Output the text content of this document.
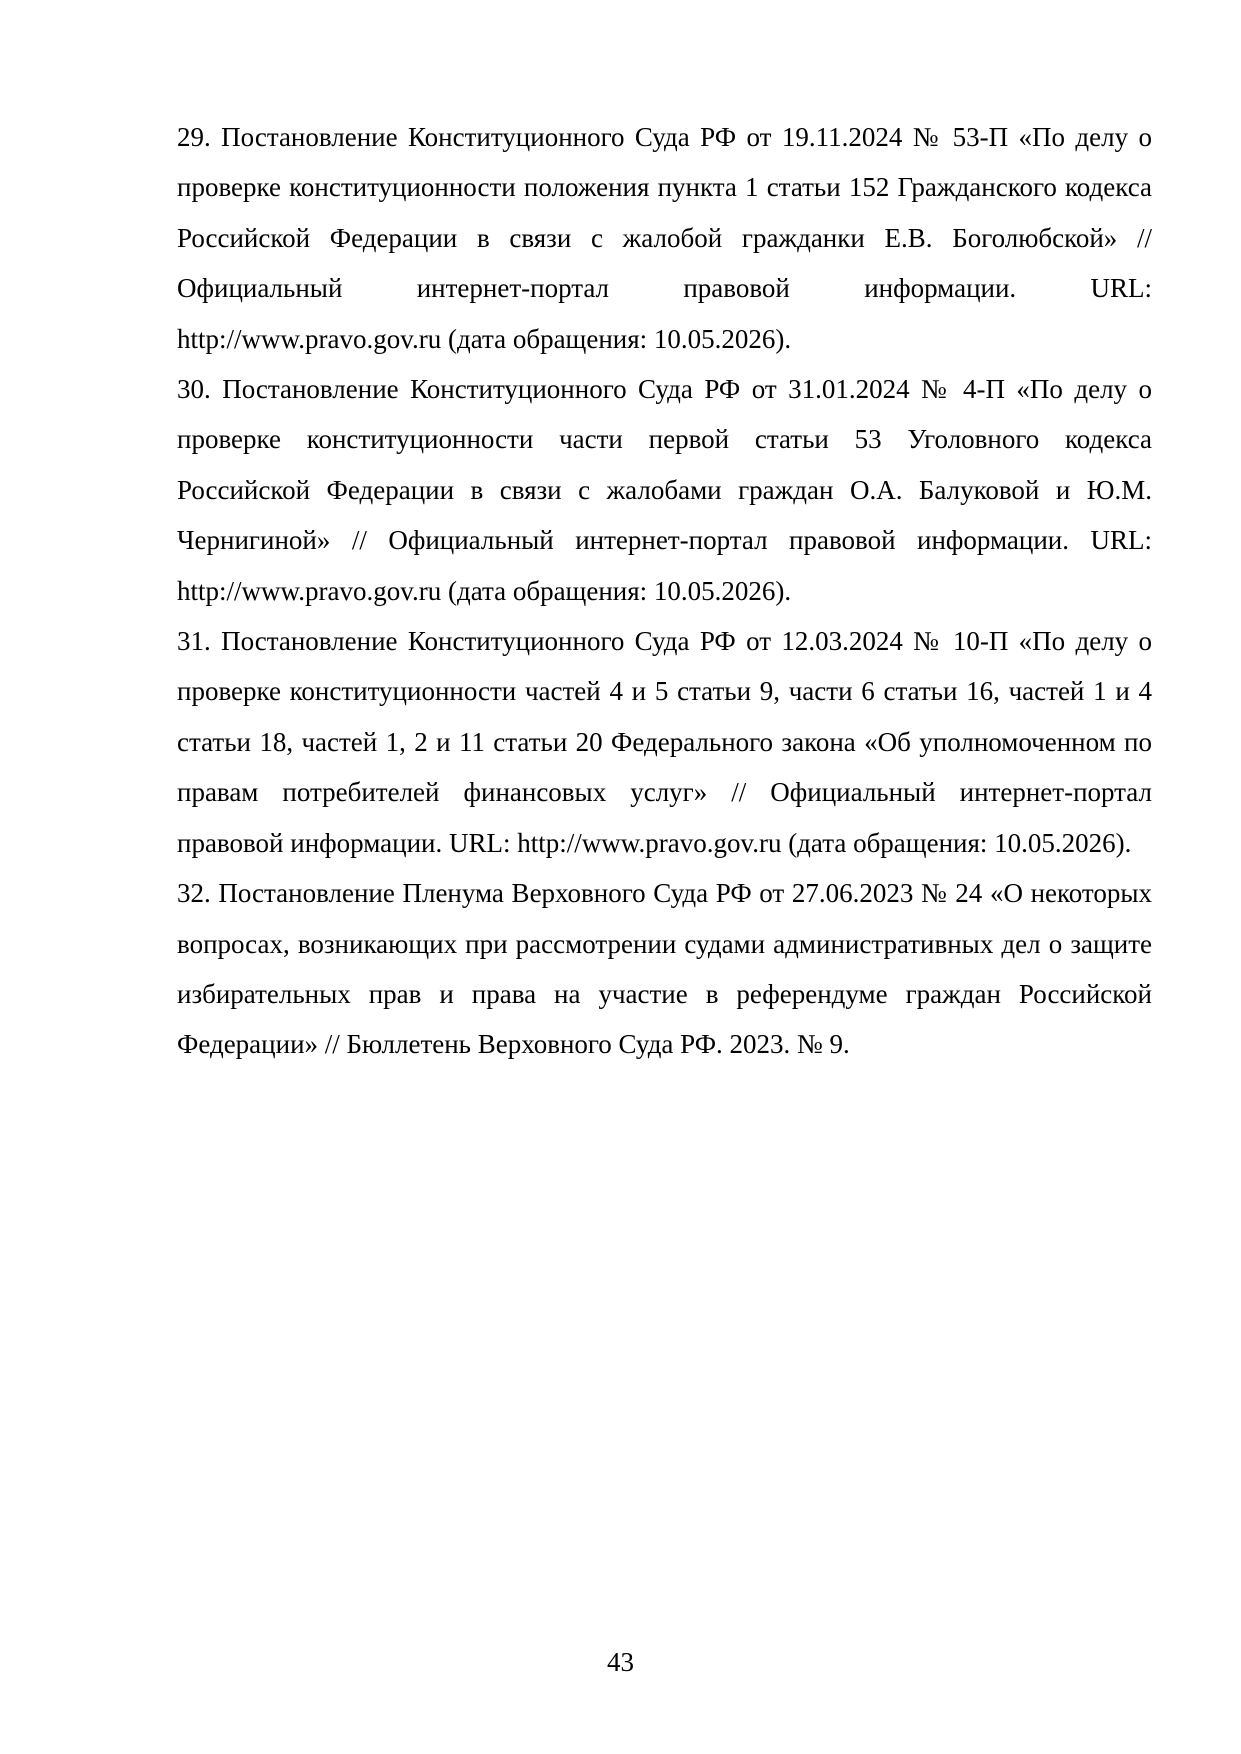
29. Постановление Конституционного Суда РФ от 19.11.2024 № 53-П «По делу о проверке конституционности положения пункта 1 статьи 152 Гражданского кодекса Российской Федерации в связи с жалобой гражданки Е.В. Боголюбской» // Официальный интернет-портал правовой информации. URL: http://www.pravo.gov.ru (дата обращения: 10.05.2026).

30. Постановление Конституционного Суда РФ от 31.01.2024 № 4-П «По делу о проверке конституционности части первой статьи 53 Уголовного кодекса Российской Федерации в связи с жалобами граждан О.А. Балуковой и Ю.М. Чернигиной» // Официальный интернет-портал правовой информации. URL: http://www.pravo.gov.ru (дата обращения: 10.05.2026).

31. Постановление Конституционного Суда РФ от 12.03.2024 № 10-П «По делу о проверке конституционности частей 4 и 5 статьи 9, части 6 статьи 16, частей 1 и 4 статьи 18, частей 1, 2 и 11 статьи 20 Федерального закона «Об уполномоченном по правам потребителей финансовых услуг» // Официальный интернет-портал правовой информации. URL: http://www.pravo.gov.ru (дата обращения: 10.05.2026).

32. Постановление Пленума Верховного Суда РФ от 27.06.2023 № 24 «О некоторых вопросах, возникающих при рассмотрении судами административных дел о защите избирательных прав и права на участие в референдуме граждан Российской Федерации» // Бюллетень Верховного Суда РФ. 2023. № 9.

43
